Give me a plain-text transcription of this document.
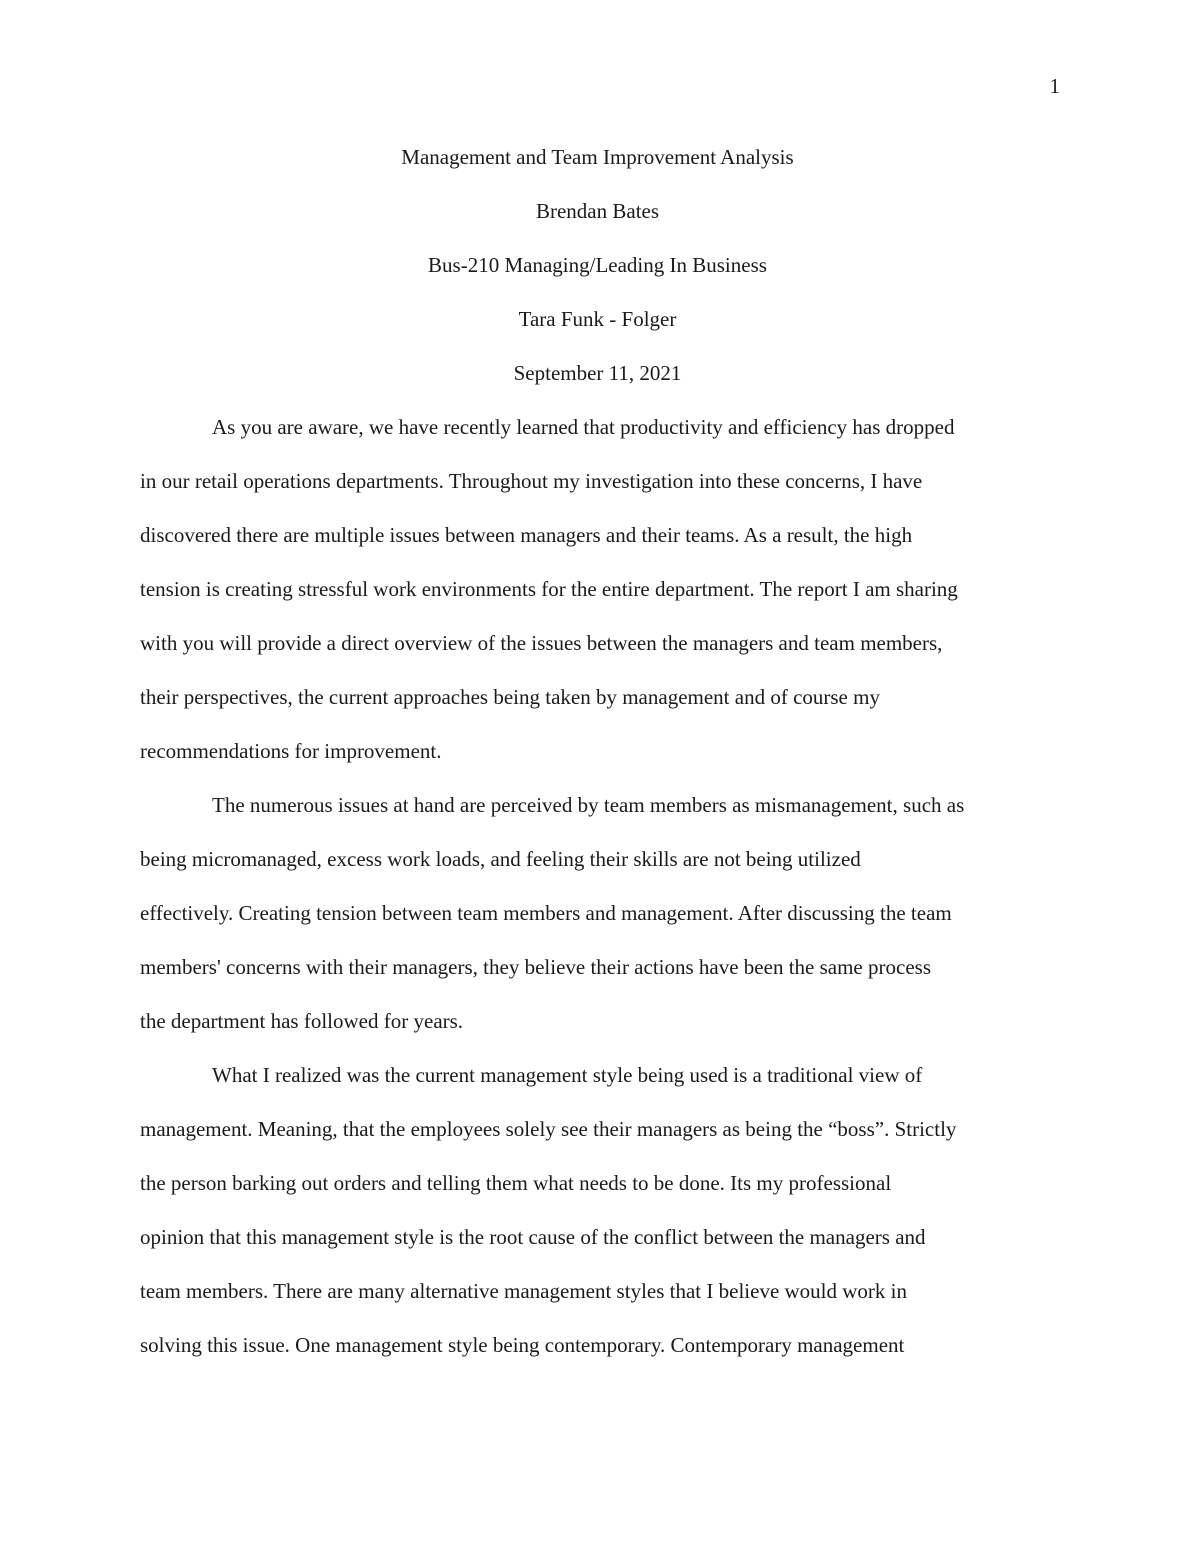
1
Management and Team Improvement Analysis
Brendan Bates
Bus-210 Managing/Leading In Business
Tara Funk - Folger
September 11, 2021
As you are aware, we have recently learned that productivity and efficiency has dropped
in our retail operations departments. Throughout my investigation into these concerns, I have
discovered there are multiple issues between managers and their teams. As a result, the high
tension is creating stressful work environments for the entire department. The report I am sharing
with you will provide a direct overview of the issues between the managers and team members,
their perspectives, the current approaches being taken by management and of course my
recommendations for improvement.
The numerous issues at hand are perceived by team members as mismanagement, such as
being micromanaged, excess work loads, and feeling their skills are not being utilized
effectively. Creating tension between team members and management. After discussing the team
members' concerns with their managers, they believe their actions have been the same process
the department has followed for years.
What I realized was the current management style being used is a traditional view of
management. Meaning, that the employees solely see their managers as being the “boss”. Strictly
the person barking out orders and telling them what needs to be done. Its my professional
opinion that this management style is the root cause of the conflict between the managers and
team members. There are many alternative management styles that I believe would work in
solving this issue. One management style being contemporary. Contemporary management
